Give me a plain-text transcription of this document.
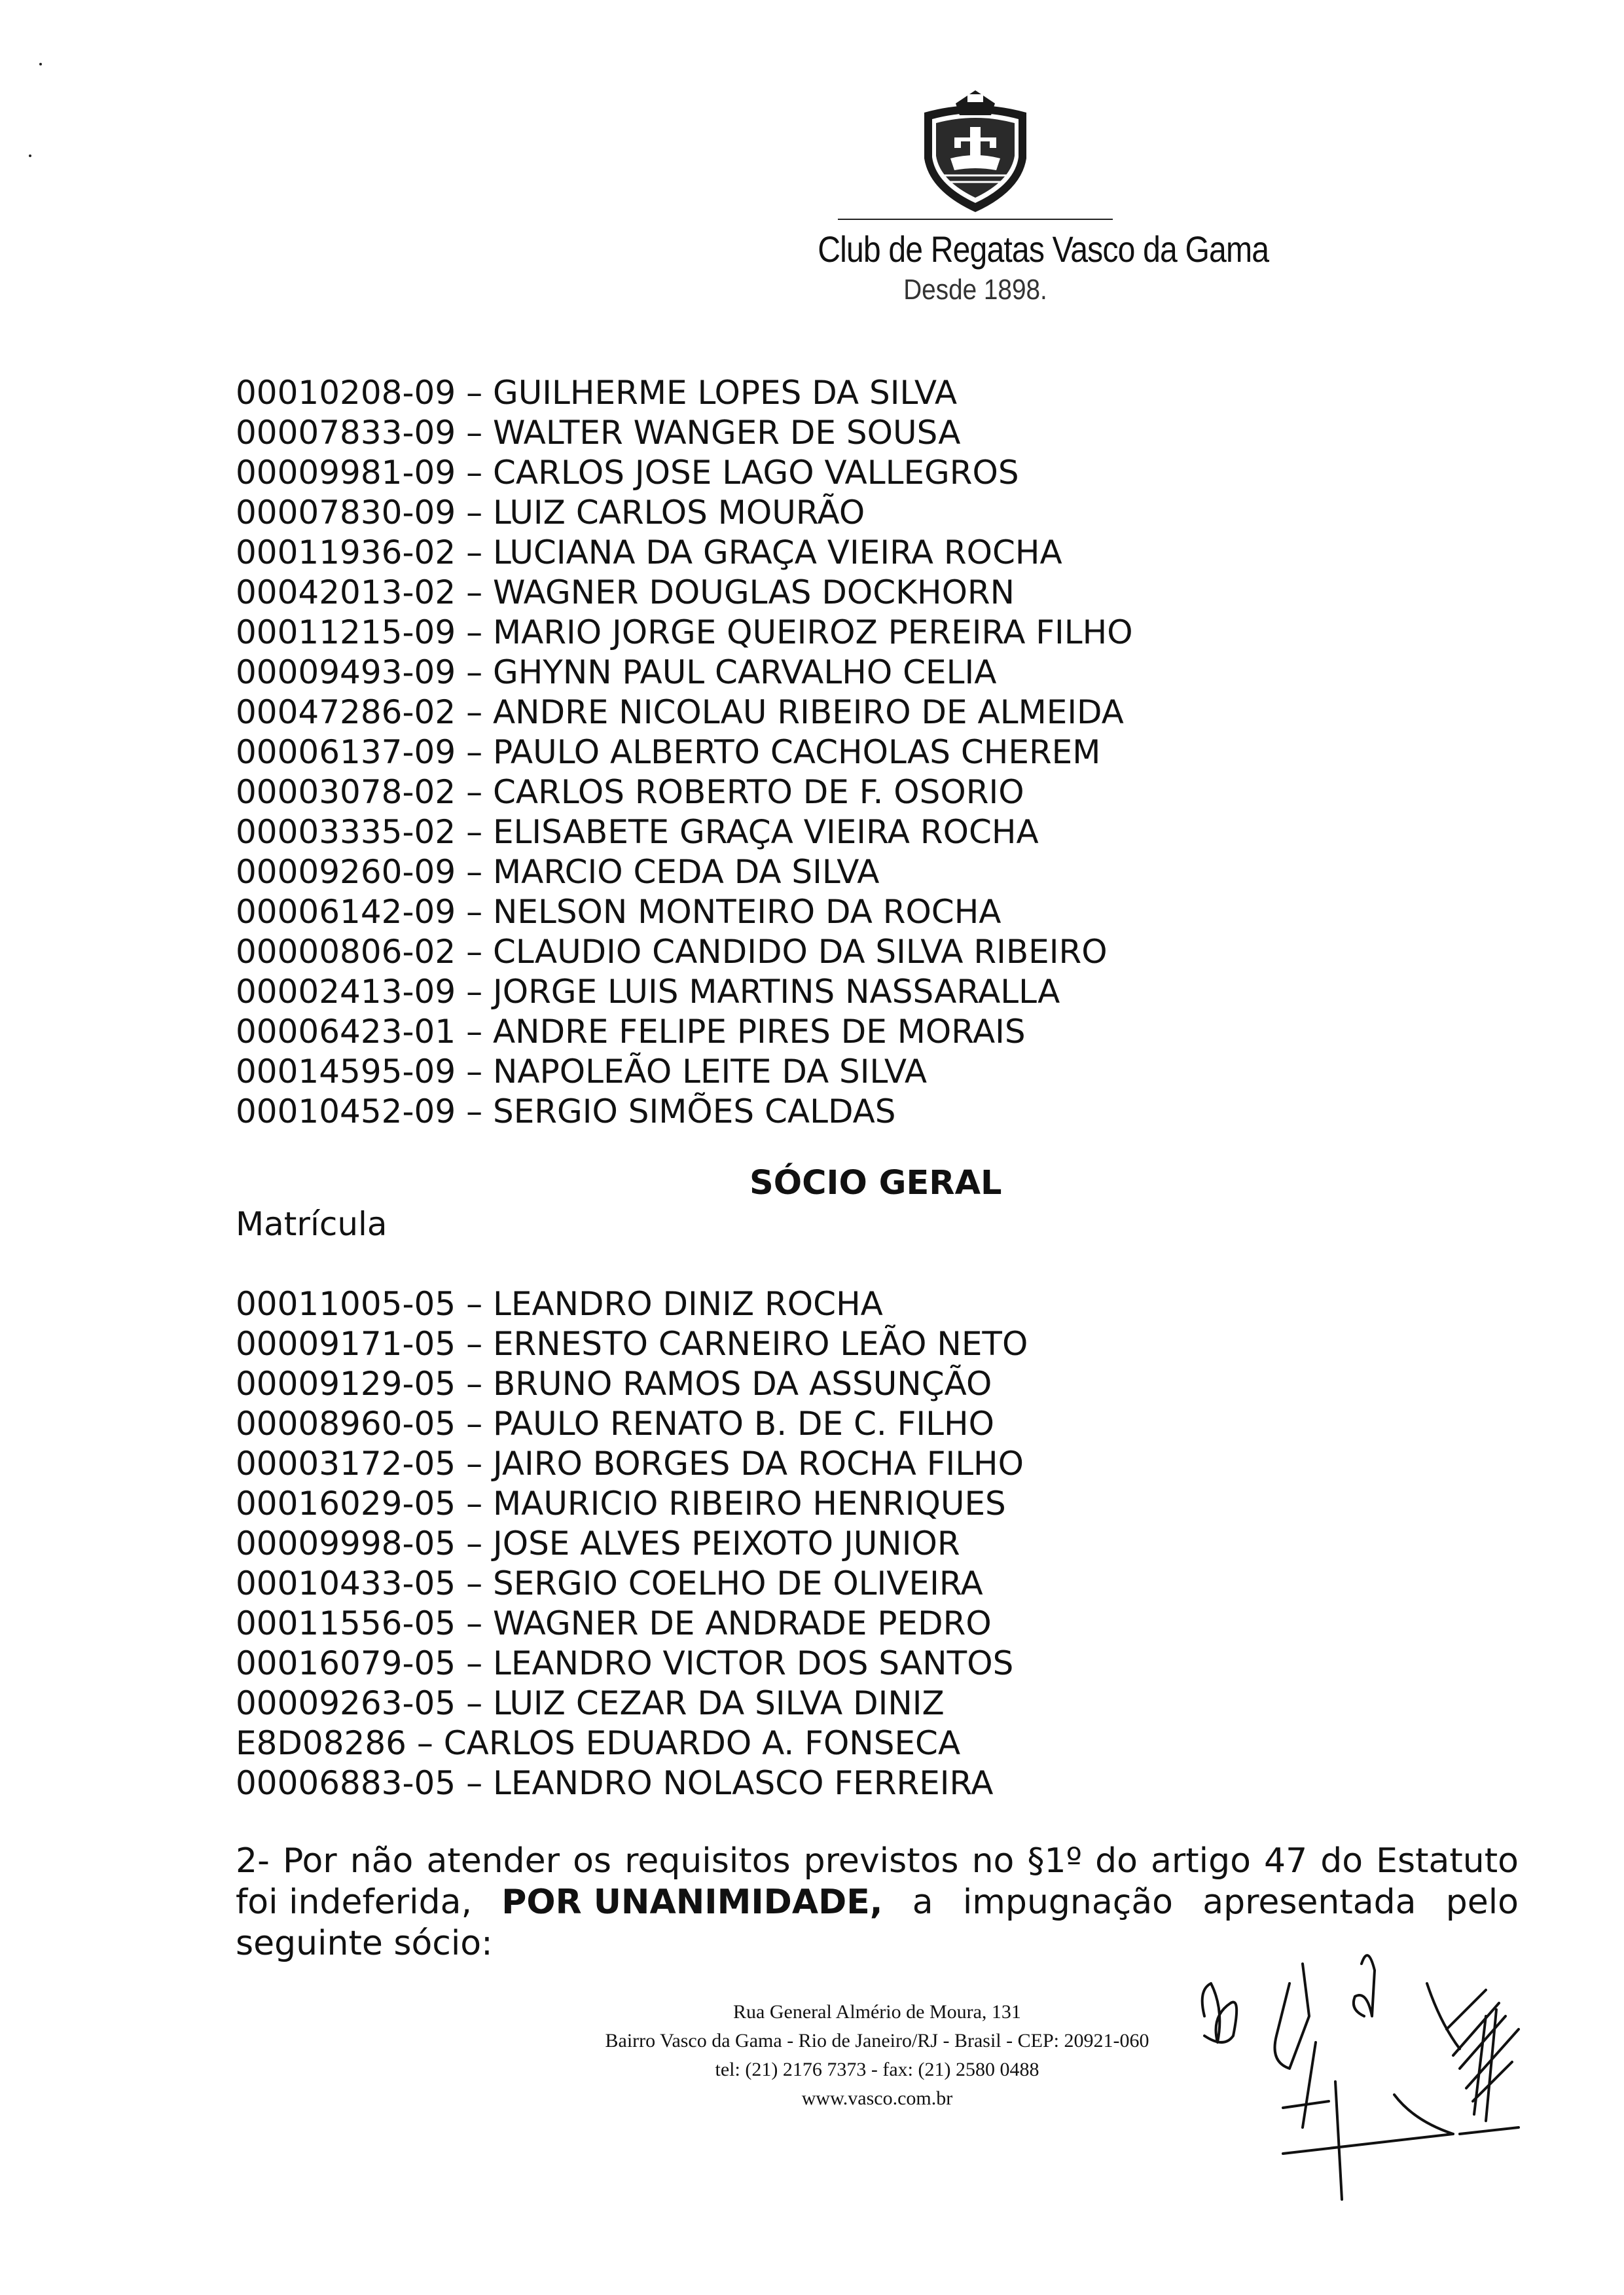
Club de Regatas Vasco da Gama
Desde 1898.
00010208-09 – GUILHERME LOPES DA SILVA
00007833-09 – WALTER WANGER DE SOUSA
00009981-09 – CARLOS JOSE LAGO VALLEGROS
00007830-09 – LUIZ CARLOS MOURÃO
00011936-02 – LUCIANA DA GRAÇA VIEIRA ROCHA
00042013-02 – WAGNER DOUGLAS DOCKHORN
00011215-09 – MARIO JORGE QUEIROZ PEREIRA FILHO
00009493-09 – GHYNN PAUL CARVALHO CELIA
00047286-02 – ANDRE NICOLAU RIBEIRO DE ALMEIDA
00006137-09 – PAULO ALBERTO CACHOLAS CHEREM
00003078-02 – CARLOS ROBERTO DE F. OSORIO
00003335-02 – ELISABETE GRAÇA VIEIRA ROCHA
00009260-09 – MARCIO CEDA DA SILVA
00006142-09 – NELSON MONTEIRO DA ROCHA
00000806-02 – CLAUDIO CANDIDO DA SILVA RIBEIRO
00002413-09 – JORGE LUIS MARTINS NASSARALLA
00006423-01 – ANDRE FELIPE PIRES DE MORAIS
00014595-09 – NAPOLEÃO LEITE DA SILVA
00010452-09 – SERGIO SIMÕES CALDAS
SÓCIO GERAL
Matrícula
00011005-05 – LEANDRO DINIZ ROCHA
00009171-05 – ERNESTO CARNEIRO LEÃO NETO
00009129-05 – BRUNO RAMOS DA ASSUNÇÃO
00008960-05 – PAULO RENATO B. DE C. FILHO
00003172-05 – JAIRO BORGES DA ROCHA FILHO
00016029-05 – MAURICIO RIBEIRO HENRIQUES
00009998-05 – JOSE ALVES PEIXOTO JUNIOR
00010433-05 – SERGIO COELHO DE OLIVEIRA
00011556-05 – WAGNER DE ANDRADE PEDRO
00016079-05 – LEANDRO VICTOR DOS SANTOS
00009263-05 – LUIZ CEZAR DA SILVA DINIZ
E8D08286 – CARLOS EDUARDO A. FONSECA
00006883-05 – LEANDRO NOLASCO FERREIRA
2- Por não atender os requisitos previstos no §1º do artigo 47 do Estatuto
foi indeferida, POR UNANIMIDADE, a impugnação apresentada pelo
seguinte sócio:
Rua General Almério de Moura, 131
Bairro Vasco da Gama - Rio de Janeiro/RJ - Brasil - CEP: 20921-060
tel: (21) 2176 7373 - fax: (21) 2580 0488
www.vasco.com.br
